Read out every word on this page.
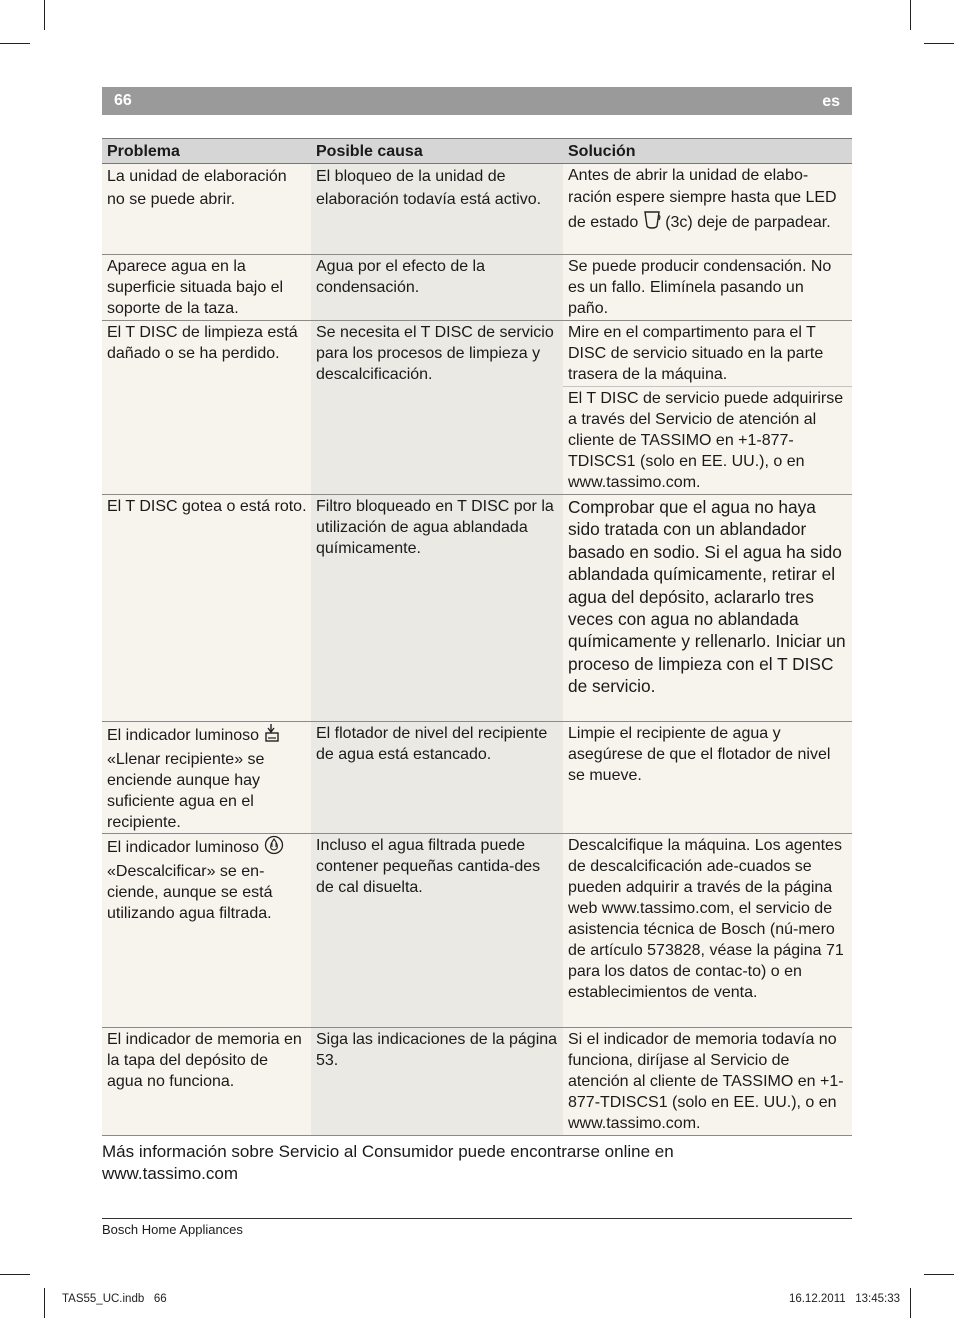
66	es
Problema	Posible causa	Solución
La unidad de elaboración no se puede abrir.	El bloqueo de la unidad de elaboración todavía está activo.	Antes de abrir la unidad de elabo-ración espere siempre hasta que LED de estado (3c) deje de parpadear.
Aparece agua en la superficie situada bajo el soporte de la taza.	Agua por el efecto de la condensación.	Se puede producir condensación. No es un fallo. Elimínela pasando un paño.
El T DISC de limpieza está dañado o se ha perdido.	Se necesita el T DISC de servicio para los procesos de limpieza y descalcificación.	Mire en el compartimento para el T DISC de servicio situado en la parte trasera de la máquina.
		El T DISC de servicio puede adquirirse a través del Servicio de atención al cliente de TASSIMO en +1-877-TDISCS1 (solo en EE. UU.), o en www.tassimo.com.
El T DISC gotea o está roto.	Filtro bloqueado en T DISC por la utilización de agua ablandada químicamente.	Comprobar que el agua no haya sido tratada con un ablandador basado en sodio. Si el agua ha sido ablandada químicamente, retirar el agua del depósito, aclararlo tres veces con agua no ablandada químicamente y rellenarlo. Iniciar un proceso de limpieza con el T DISC de servicio.
El indicador luminoso  «Llenar recipiente» se enciende aunque hay suficiente agua en el recipiente.	El flotador de nivel del recipiente de agua está estancado.	Limpie el recipiente de agua y asegúrese de que el flotador de nivel se mueve.
El indicador luminoso  «Descalcificar» se en-ciende, aunque se está utilizando agua filtrada.	Incluso el agua filtrada puede contener pequeñas cantida-des de cal disuelta.	Descalcifique la máquina. Los agentes de descalcificación ade-cuados se pueden adquirir a través de la página web www.tassimo.com, el servicio de asistencia técnica de Bosch (nú-mero de artículo 573828, véase la página 71 para los datos de contac-to) o en establecimientos de venta.
El indicador de memoria en la tapa del depósito de agua no funciona.	Siga las indicaciones de la página 53.	Si el indicador de memoria todavía no funciona, diríjase al Servicio de atención al cliente de TASSIMO en +1-877-TDISCS1 (solo en EE. UU.), o en www.tassimo.com.
Más información sobre Servicio al Consumidor puede encontrarse online en www.tassimo.com
Bosch Home Appliances
TAS55_UC.indb   66	16.12.2011   13:45:33
